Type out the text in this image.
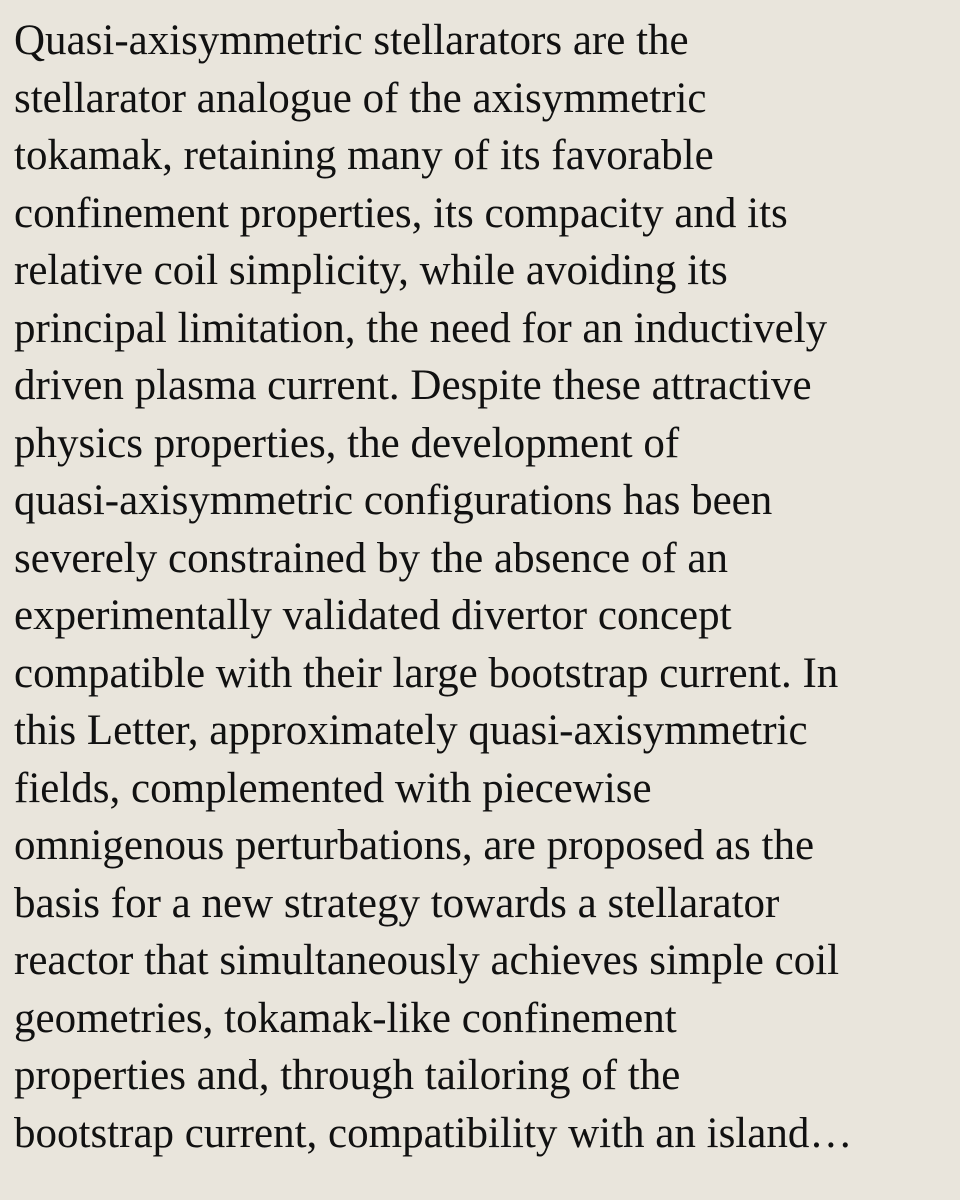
Quasi-axisymmetric stellarators are the
stellarator analogue of the axisymmetric
tokamak, retaining many of its favorable
confinement properties, its compacity and its
relative coil simplicity, while avoiding its
principal limitation, the need for an inductively
driven plasma current. Despite these attractive
physics properties, the development of
quasi-axisymmetric configurations has been
severely constrained by the absence of an
experimentally validated divertor concept
compatible with their large bootstrap current. In
this Letter, approximately quasi-axisymmetric
fields, complemented with piecewise
omnigenous perturbations, are proposed as the
basis for a new strategy towards a stellarator
reactor that simultaneously achieves simple coil
geometries, tokamak-like confinement
properties and, through tailoring of the
bootstrap current, compatibility with an island…
